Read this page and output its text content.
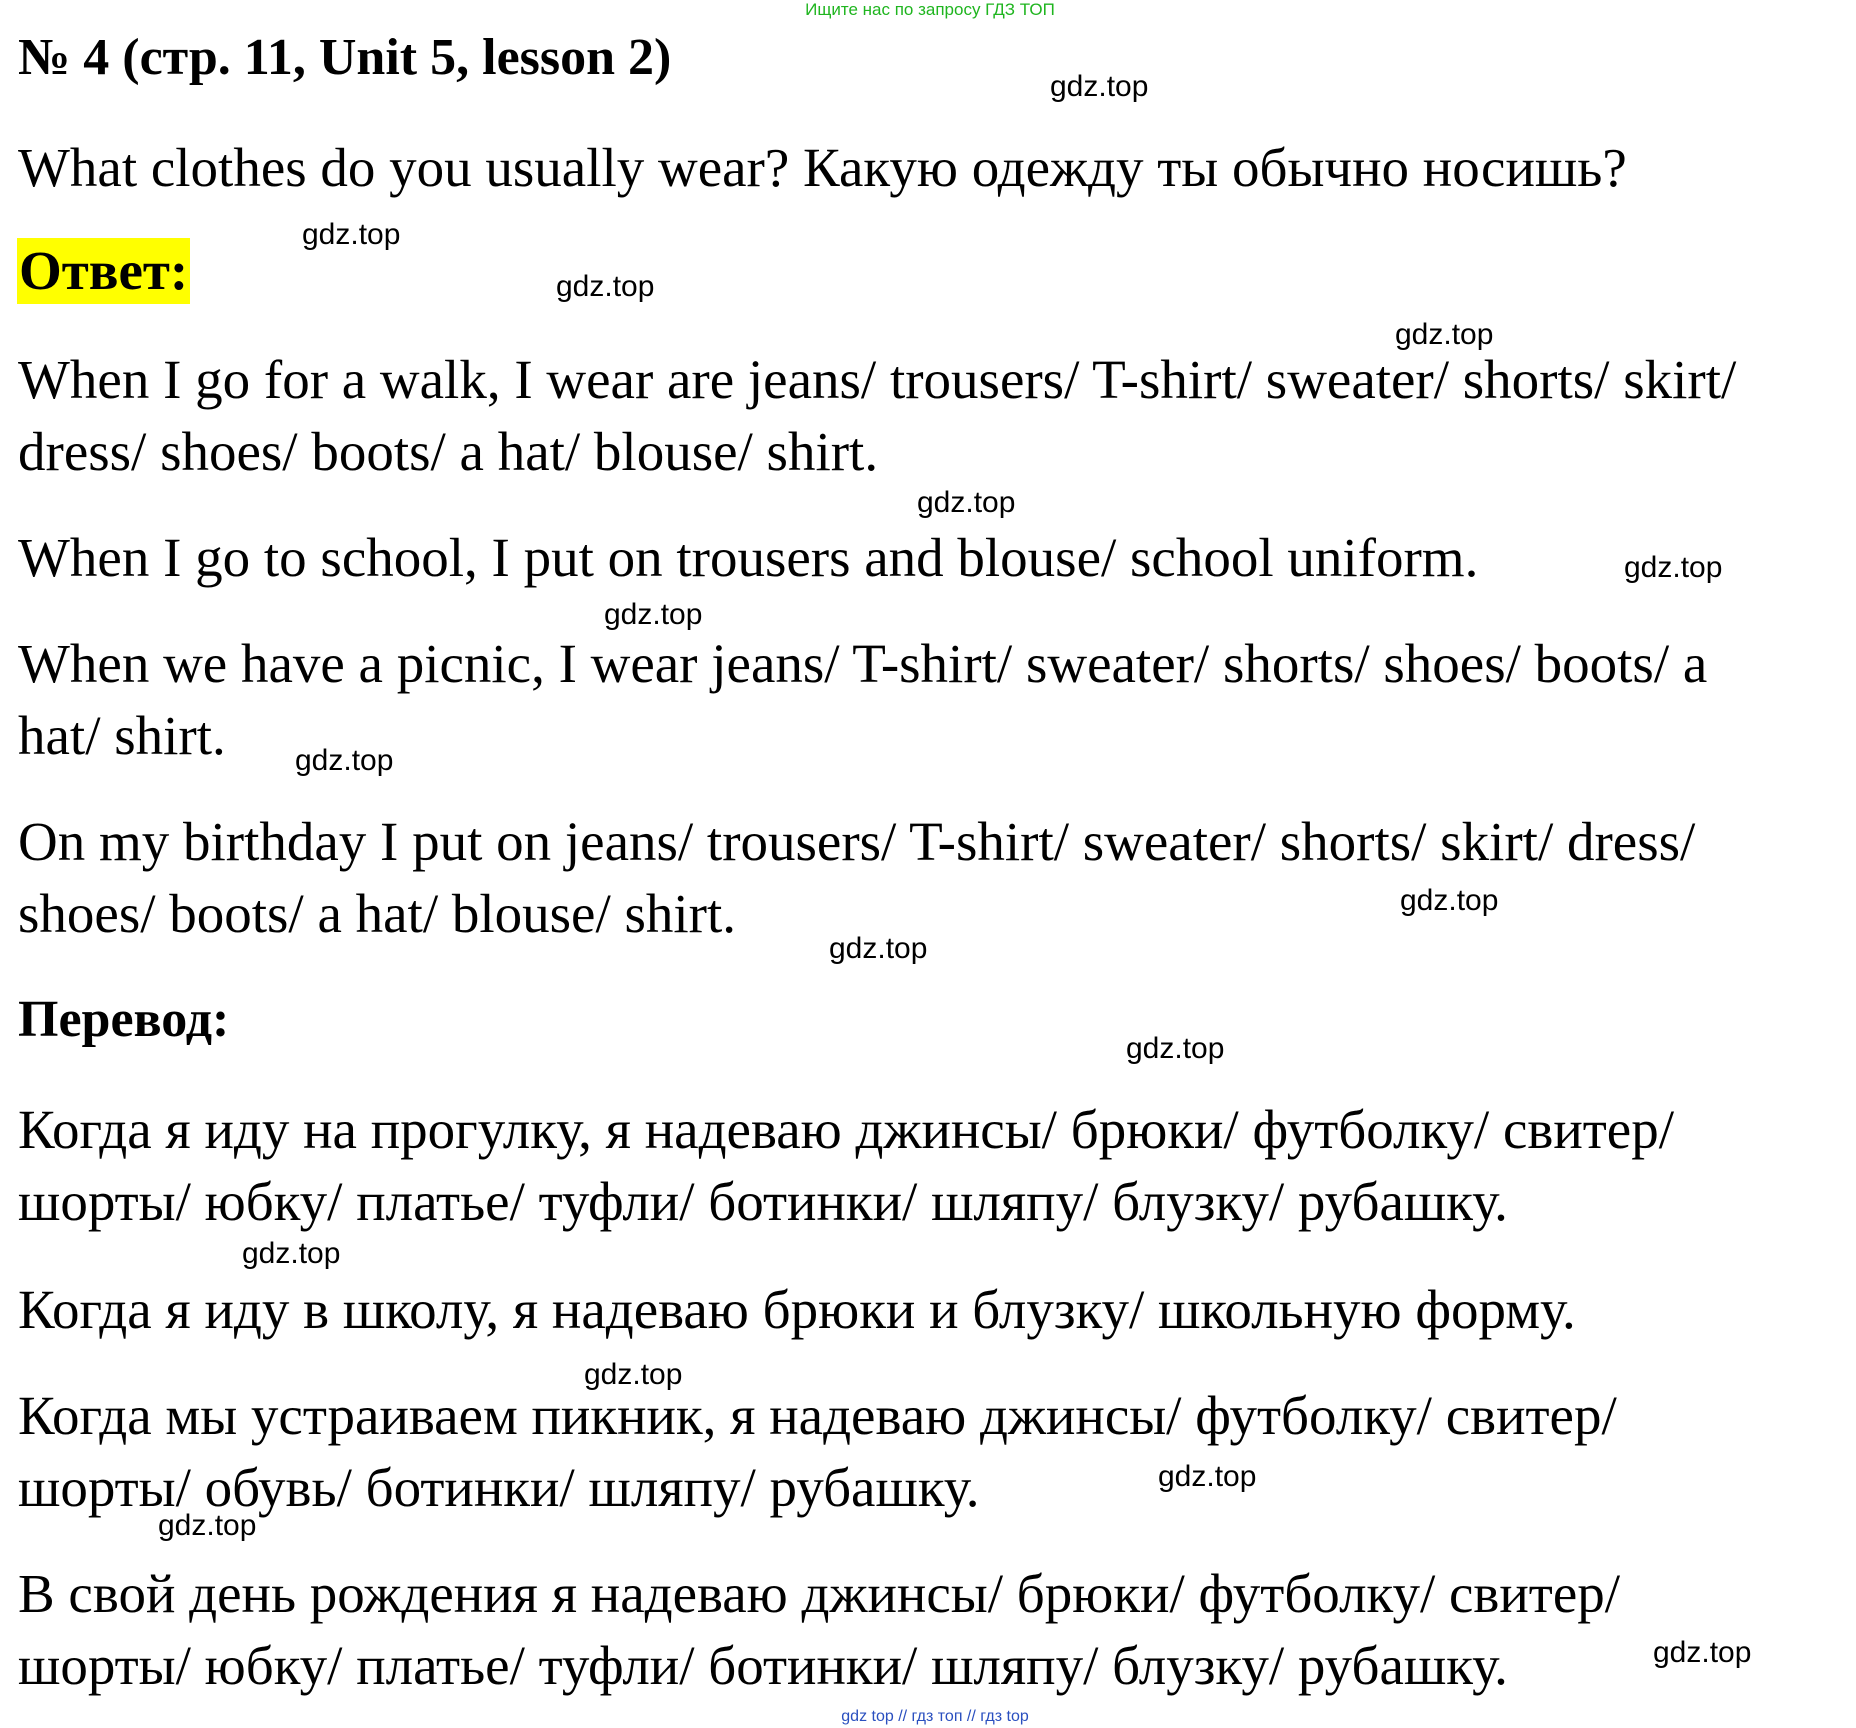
Ищите нас по запросу ГДЗ ТОП
№ 4 (стр. 11, Unit 5, lesson 2)
What clothes do you usually wear? Какую одежду ты обычно носишь?
Ответ:
When I go for a walk, I wear are jeans/ trousers/ T-shirt/ sweater/ shorts/ skirt/
dress/ shoes/ boots/ a hat/ blouse/ shirt.
When I go to school, I put on trousers and blouse/ school uniform.
When we have a picnic, I wear jeans/ T-shirt/ sweater/ shorts/ shoes/ boots/ a
hat/ shirt.
On my birthday I put on jeans/ trousers/ T-shirt/ sweater/ shorts/ skirt/ dress/
shoes/ boots/ a hat/ blouse/ shirt.
Перевод:
Когда я иду на прогулку, я надеваю джинсы/ брюки/ футболку/ свитер/
шорты/ юбку/ платье/ туфли/ ботинки/ шляпу/ блузку/ рубашку.
Когда я иду в школу, я надеваю брюки и блузку/ школьную форму.
Когда мы устраиваем пикник, я надеваю джинсы/ футболку/ свитер/
шорты/ обувь/ ботинки/ шляпу/ рубашку.
В свой день рождения я надеваю джинсы/ брюки/ футболку/ свитер/
шорты/ юбку/ платье/ туфли/ ботинки/ шляпу/ блузку/ рубашку.
gdz.top
gdz.top
gdz.top
gdz.top
gdz.top
gdz.top
gdz.top
gdz.top
gdz.top
gdz.top
gdz.top
gdz.top
gdz.top
gdz.top
gdz.top
gdz.top
gdz top // гдз топ // гдз top
